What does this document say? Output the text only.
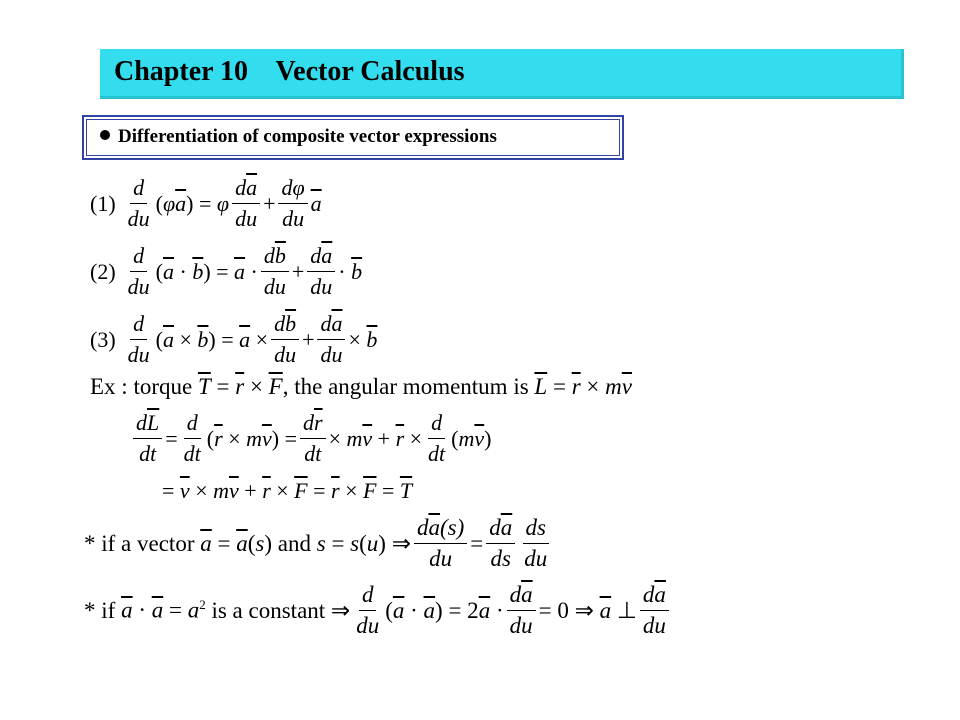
Chapter 10    Vector Calculus
Differentiation of composite vector expressions
$(1) \frac{d}{du} (\varphi\overline{a}) = \varphi \frac{d\overline{a}}{du} + \frac{d\varphi}{du} \overline{a}$
$(2) \frac{d}{du} (\overline{a} \cdot \overline{b}) = \overline{a} \cdot \frac{d\overline{b}}{du} + \frac{d\overline{a}}{du} \cdot \overline{b}$
$(3) \frac{d}{du} (\overline{a} \times \overline{b}) = \overline{a} \times \frac{d\overline{b}}{du} + \frac{d\overline{a}}{du} \times \overline{b}$
Ex : torque $\overline{T} = \overline{r} \times \overline{F}$ , the angular momentum is $\overline{L} = \overline{r} \times m\overline{v}$
$\frac{d\overline{L}}{dt} = \frac{d}{dt} (\overline{r} \times m\overline{v}) = \frac{d\overline{r}}{dt} \times m\overline{v} + \overline{r} \times \frac{d}{dt} (m\overline{v})$
= $\overline{v} \times m\overline{v} + \overline{r} \times \overline{F} = \overline{r} \times \overline{F} = \overline{T}$
* if a vector $\overline{a} = \overline{a}(s)$ and s = s(u) ⇒ $\frac{d\overline{a}(s)}{du} = \frac{d\overline{a}}{ds} \frac{ds}{du}$
* if $\overline{a} \cdot \overline{a} = a^2$ is a constant ⇒ $\frac{d}{du} (\overline{a} \cdot \overline{a}) = 2\overline{a} \cdot \frac{d\overline{a}}{du} = 0$ ⇒ $\overline{a}$ ⊥ $\frac{d\overline{a}}{du}$
